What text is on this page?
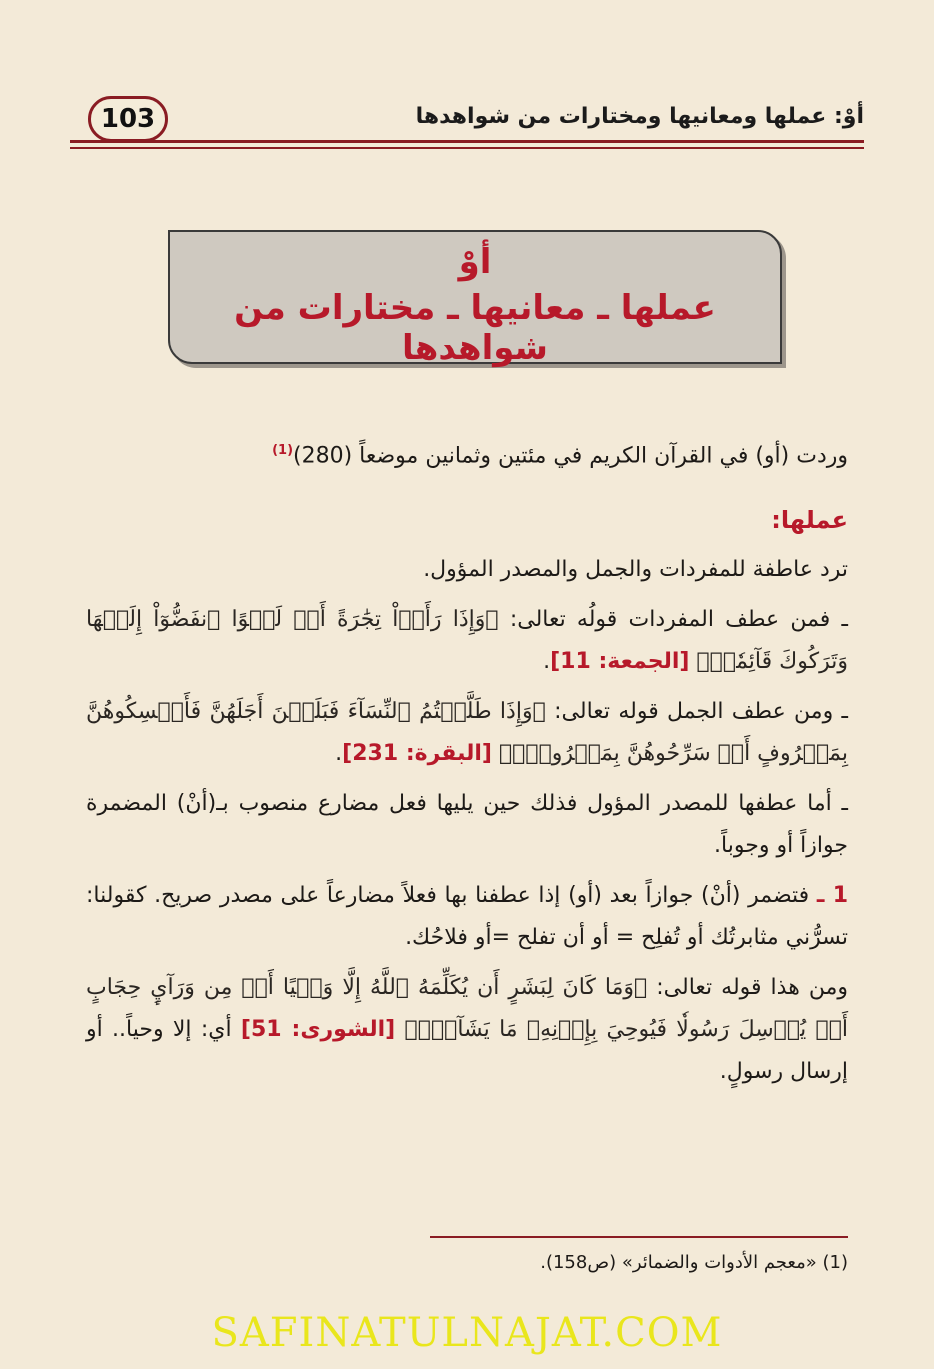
103	أوْ: عملها ومعانيها ومختارات من شواهدها
أوْ
عملها ـ معانيها ـ مختارات من شواهدها

وردت (أو) في القرآن الكريم في مئتين وثمانين موضعاً $(280)^{(1)}$

عملها:

ترد عاطفة للمفردات والجمل والمصدر المؤول.

ـ فمن عطف المفردات قولُه تعالى: ﴿وَإِذَا رَأَوۡاْ تِجَٰرَةً أَوۡ لَهۡوًا ٱنفَضُّوٓاْ إِلَيۡهَا وَتَرَكُوكَ قَآئِمٗاۚ﴾ [الجمعة: 11].

ـ ومن عطف الجمل قوله تعالى: ﴿وَإِذَا طَلَّقۡتُمُ ٱلنِّسَآءَ فَبَلَغۡنَ أَجَلَهُنَّ فَأَمۡسِكُوهُنَّ بِمَعۡرُوفٍ أَوۡ سَرِّحُوهُنَّ بِمَعۡرُوفٖۚ﴾ [البقرة: 231].

ـ أما عطفها للمصدر المؤول فذلك حين يليها فعل مضارع منصوب بـ(أنْ) المضمرة جوازاً أو وجوباً.

1 ـ فتضمر (أنْ) جوازاً بعد (أو) إذا عطفنا بها فعلاً مضارعاً على مصدر صريح. كقولنا: تسرُّني مثابرتُك أو تُفلِح = أو أن تفلح =أو فلاحُك.

ومن هذا قوله تعالى: ﴿وَمَا كَانَ لِبَشَرٍ أَن يُكَلِّمَهُ ٱللَّهُ إِلَّا وَحۡيًا أَوۡ مِن وَرَآيِٕ حِجَابٍ أَوۡ يُرۡسِلَ رَسُولٗا فَيُوحِيَ بِإِذۡنِهِۦ مَا يَشَآءُۚ﴾ [الشورى: 51] أي: إلا وحياً.. أو إرسال رسولٍ.

(1) «معجم الأدوات والضمائر» (ص158).
SAFINATULNAJAT.COM
